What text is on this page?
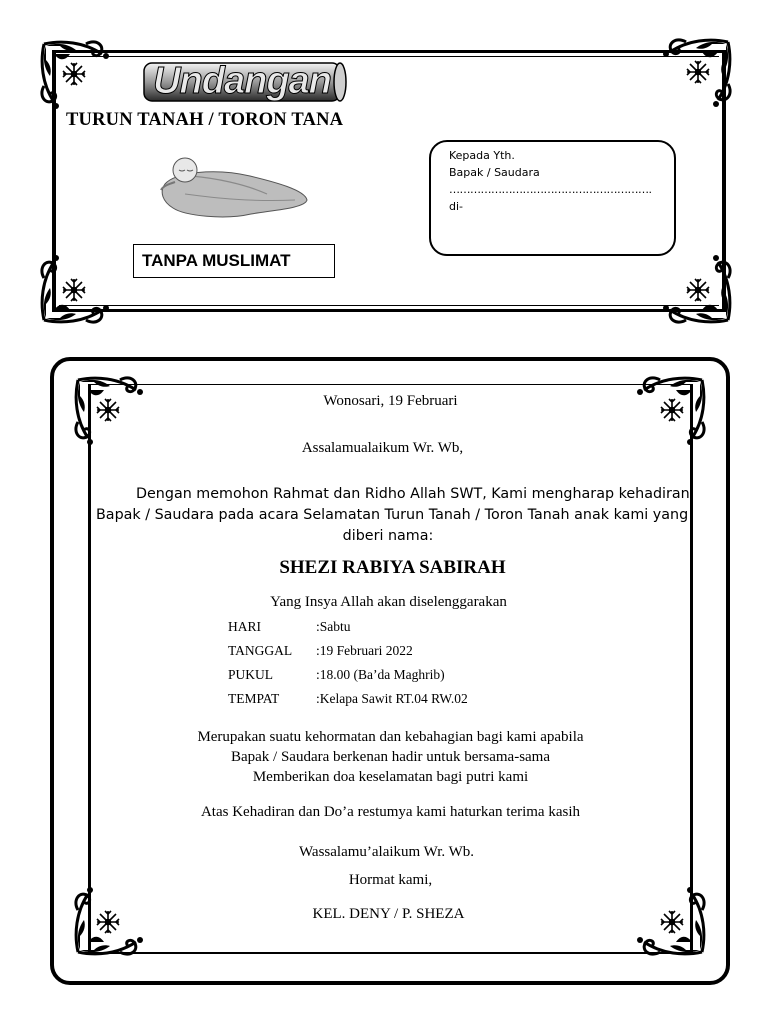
Undangan
TURUN TANAH / TORON TANA
TANPA MUSLIMAT
Kepada Yth.
Bapak / Saudara
………………………………………………….
di-
Wonosari, 19 Februari
Assalamualaikum Wr. Wb,
Dengan memohon Rahmat dan Ridho Allah SWT, Kami mengharap kehadiran
Bapak / Saudara pada acara Selamatan Turun Tanah / Toron Tanah anak kami yang
diberi nama:
SHEZI RABIYA SABIRAH
Yang Insya Allah akan diselenggarakan
HARI	:Sabtu
TANGGAL :19 Februari 2022
PUKUL	:18.00 (Ba’da Maghrib)
TEMPAT	:Kelapa Sawit RT.04 RW.02
Merupakan suatu kehormatan dan kebahagian bagi kami apabila
Bapak / Saudara berkenan hadir untuk bersama-sama
Memberikan doa keselamatan bagi putri kami
Atas Kehadiran dan Do’a restumya kami haturkan terima kasih
Wassalamu’alaikum Wr. Wb.
Hormat kami,
KEL. DENY / P. SHEZA
